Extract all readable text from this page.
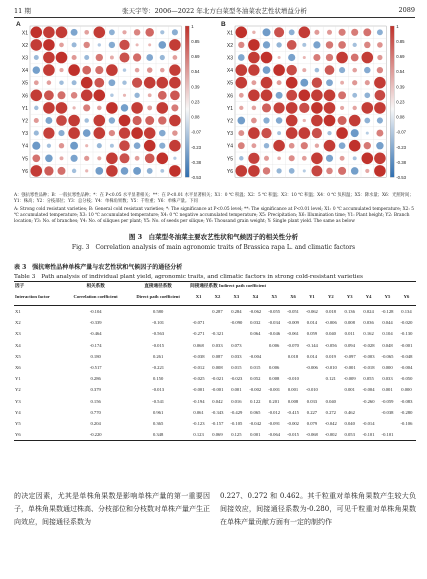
11 期	张天宇等：2006—2022 年北方白菜型冬油菜农艺性状增益分析	2089
A
X1
X2
X3
X4
X5
X6
Y1
Y2
Y3
Y4
Y5
Y6
1
0.85
0.69
0.54
0.39
0.23
0.08
-0.07
-0.23
-0.38
-0.53
B
X1
X2
X3
X4
X5
X6
Y1
Y2
Y3
Y4
Y5
Y6
1
0.85
0.69
0.54
0.39
0.23
0.08
-0.07
-0.23
-0.38
-0.53
A：强抗寒性品种；B：一般抗寒性品种；*：在 P<0.05 水平显著相关；**：在 P<0.01 水平显著相关；X1：0 ℃ 积温；X2：5 ℃ 积温；X3：10 ℃ 积温；X4：0 ℃ 负积温；X5：降水量；X6：光照时间；Y1：株高；Y2：分枝部位；Y3：总分枝；Y4：单株角果数；Y5：千粒重；Y6：单株产量。下同
A: Strong cold resistant varieties; B: General cold resistant varieties; *: The significance at P<0.05 level; **: The significance at P<0.01 level; X1: 0 ℃ accumulated temperature; X2: 5 ℃ accumulated temperature; X3: 10 ℃ accumulated temperature; X4: 0 ℃ negative accumulated temperature; X5: Precipitation; X6: Illumination time; Y1: Plant height; Y2: Branch location; Y3: No. of branches; Y4: No. of siliques per plant; Y5: No. of seeds per silique; Y6: Thousand grain weight; Y: Single plant yield. The same as below
图 3　白菜型冬油菜主要农艺性状和气候因子的相关性分析
Fig. 3　Correlation analysis of main agronomic traits of Brassica rapa L. and climatic factors
表 3　强抗寒性品种单株产量与农艺性状和气候因子的通径分析
Table 3　Path analysis of individual plant yield, agronomic traits, and climatic factors in strong cold-resistant varieties
因子	相关系数	直接通径系数	间接通径系数 Indirect path coefficient											
Interaction factor	Correlation coefficient	Direct path coefficient	X1	X2	X3	X4	X5	X6	Y1	Y2	Y3	Y4	Y5	Y6
X1	-0.104	0.580		0.287	0.284	-0.062	-0.055	-0.051	-0.062	0.018	0.136	0.024	-0.128	0.134
X2	-0.339	-0.101	-0.071		-0.090	0.032	-0.034	-0.009	0.014	-0.006	0.008	0.036	0.044	-0.020
X3	-0.464	-0.563	-0.271	-0.321		0.064	-0.046	-0.061	0.059	0.040	0.011	0.162	0.104	-0.130
X4	-0.174	-0.015	0.068	0.033	0.073		0.006	-0.070	-0.144	-0.056	0.094	-0.028	0.048	-0.001
X5	0.180	0.261	-0.038	0.087	0.033	-0.004		0.018	0.014	0.019	-0.097	-0.003	-0.065	-0.048
X6	-0.517	-0.221	-0.012	0.008	0.015	0.015	0.006		-0.006	-0.010	-0.001	-0.018	0.000	-0.004
Y1	0.286	0.150	-0.025	-0.021	-0.023	0.052	0.008	-0.010		0.121	-0.009	0.055	0.033	-0.050
Y2	0.379	-0.013	-0.001	-0.001	0.001	-0.002	-0.001	0.001	-0.010		0.001	-0.004	0.001	0.000
Y3	0.156	-0.541	-0.194	0.042	0.016	0.122	0.201	0.008	0.033	0.040		-0.260	-0.059	-0.083
Y4	0.770	0.961	0.061	-0.343	-0.429	0.065	-0.012	-0.415	0.227	0.272	0.462		-0.038	-0.280
Y5	0.204	0.365	-0.123	-0.157	-0.105	-0.042	-0.091	-0.002	0.079	-0.042	0.040	-0.014		-0.106
Y6	-0.220	0.348	0.123	0.069	0.125	0.001	-0.064	-0.015	-0.068	-0.002	0.053	-0.101	-0.101	
的决定因素，尤其是单株角果数是影响单株产量的第一重要因子，单株角果数通过株高、分枝部位和分枝数对单株产量产生正向效应，间接通径系数为
0.227、0.272 和 0.462。其千粒重对单株角果数产生较大负间接效应，间接通径系数为-0.280，可见千粒重对单株角果数在单株产量贡献方面有一定的制约作
